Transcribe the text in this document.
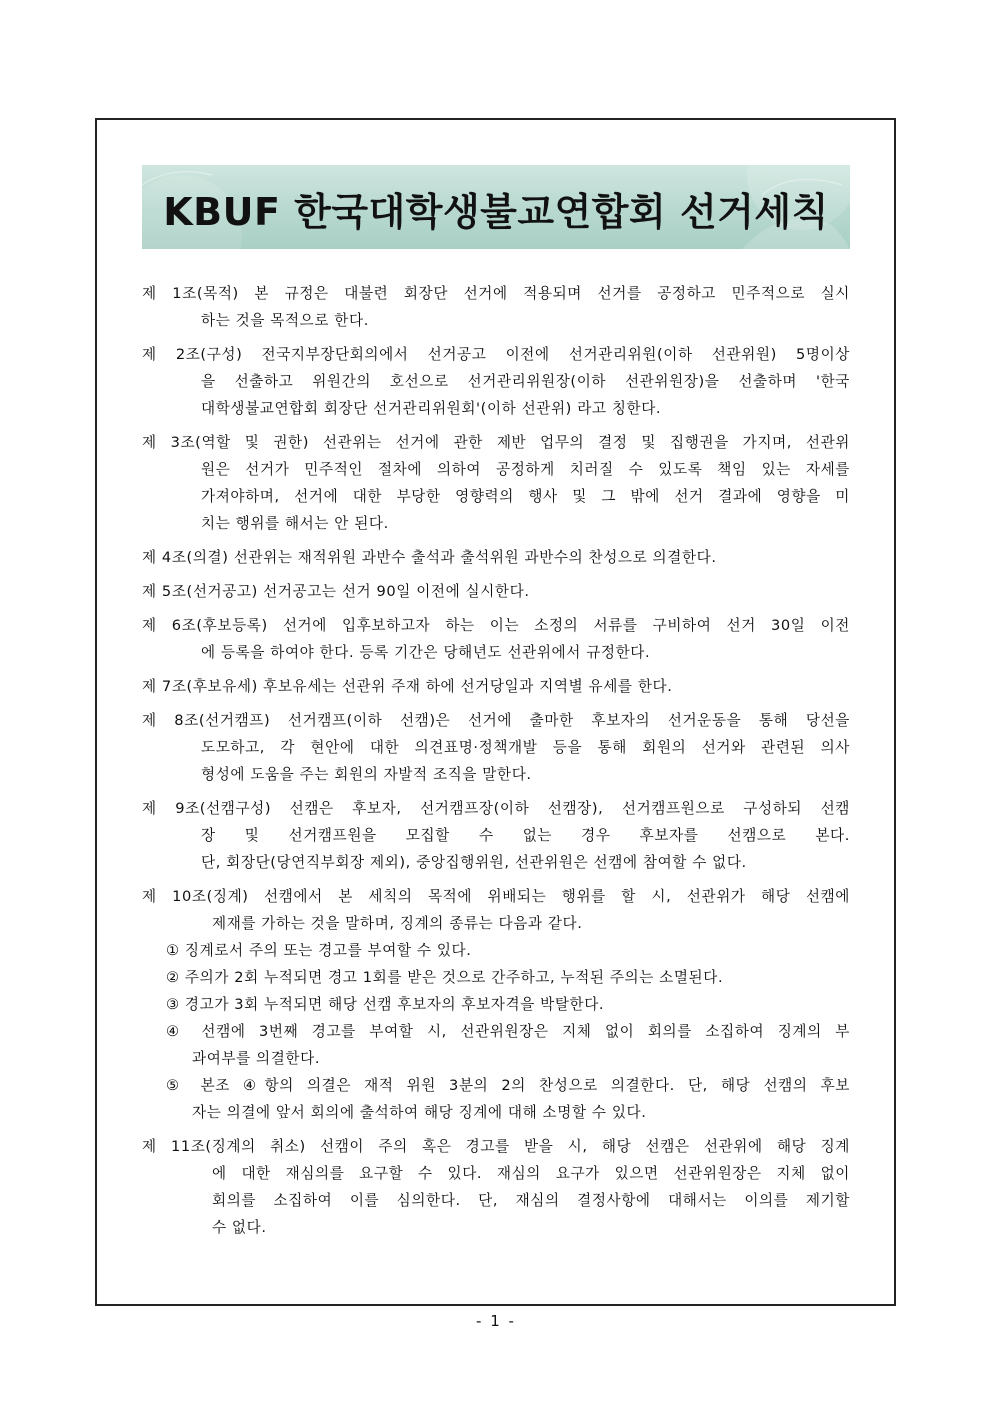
KBUF 한국대학생불교연합회 선거세칙
제 1조(목적) 본 규정은 대불련 회장단 선거에 적용되며 선거를 공정하고 민주적으로 실시
하는 것을 목적으로 한다.
제 2조(구성) 전국지부장단회의에서 선거공고 이전에 선거관리위원(이하 선관위원) 5명이상
을 선출하고 위원간의 호선으로 선거관리위원장(이하 선관위원장)을 선출하며 '한국
대학생불교연합회 회장단 선거관리위원회'(이하 선관위) 라고 칭한다.
제 3조(역할 및 권한) 선관위는 선거에 관한 제반 업무의 결정 및 집행권을 가지며, 선관위
원은 선거가 민주적인 절차에 의하여 공정하게 치러질 수 있도록 책임 있는 자세를
가져야하며, 선거에 대한 부당한 영향력의 행사 및 그 밖에 선거 결과에 영향을 미
치는 행위를 해서는 안 된다.
제 4조(의결) 선관위는 재적위원 과반수 출석과 출석위원 과반수의 찬성으로 의결한다.
제 5조(선거공고) 선거공고는 선거 90일 이전에 실시한다.
제 6조(후보등록) 선거에 입후보하고자 하는 이는 소정의 서류를 구비하여 선거 30일 이전
에 등록을 하여야 한다. 등록 기간은 당해년도 선관위에서 규정한다.
제 7조(후보유세) 후보유세는 선관위 주재 하에 선거당일과 지역별 유세를 한다.
제 8조(선거캠프) 선거캠프(이하 선캠)은 선거에 출마한 후보자의 선거운동을 통해 당선을
도모하고, 각 현안에 대한 의견표명·정책개발 등을 통해 회원의 선거와 관련된 의사
형성에 도움을 주는 회원의 자발적 조직을 말한다.
제 9조(선캠구성) 선캠은 후보자, 선거캠프장(이하 선캠장), 선거캠프원으로 구성하되 선캠
장 및 선거캠프원을 모집할 수 없는 경우 후보자를 선캠으로 본다.
단, 회장단(당연직부회장 제외), 중앙집행위원, 선관위원은 선캠에 참여할 수 없다.
제 10조(징계) 선캠에서 본 세칙의 목적에 위배되는 행위를 할 시, 선관위가 해당 선캠에
제재를 가하는 것을 말하며, 징계의 종류는 다음과 같다.
① 징계로서 주의 또는 경고를 부여할 수 있다.
② 주의가 2회 누적되면 경고 1회를 받은 것으로 간주하고, 누적된 주의는 소멸된다.
③ 경고가 3회 누적되면 해당 선캠 후보자의 후보자격을 박탈한다.
④ 선캠에 3번째 경고를 부여할 시, 선관위원장은 지체 없이 회의를 소집하여 징계의 부
과여부를 의결한다.
⑤ 본조 ④항의 의결은 재적 위원 3분의 2의 찬성으로 의결한다. 단, 해당 선캠의 후보
자는 의결에 앞서 회의에 출석하여 해당 징계에 대해 소명할 수 있다.
제 11조(징계의 취소) 선캠이 주의 혹은 경고를 받을 시, 해당 선캠은 선관위에 해당 징계
에 대한 재심의를 요구할 수 있다. 재심의 요구가 있으면 선관위원장은 지체 없이
회의를 소집하여 이를 심의한다. 단, 재심의 결정사항에 대해서는 이의를 제기할
수 없다.
- 1 -
